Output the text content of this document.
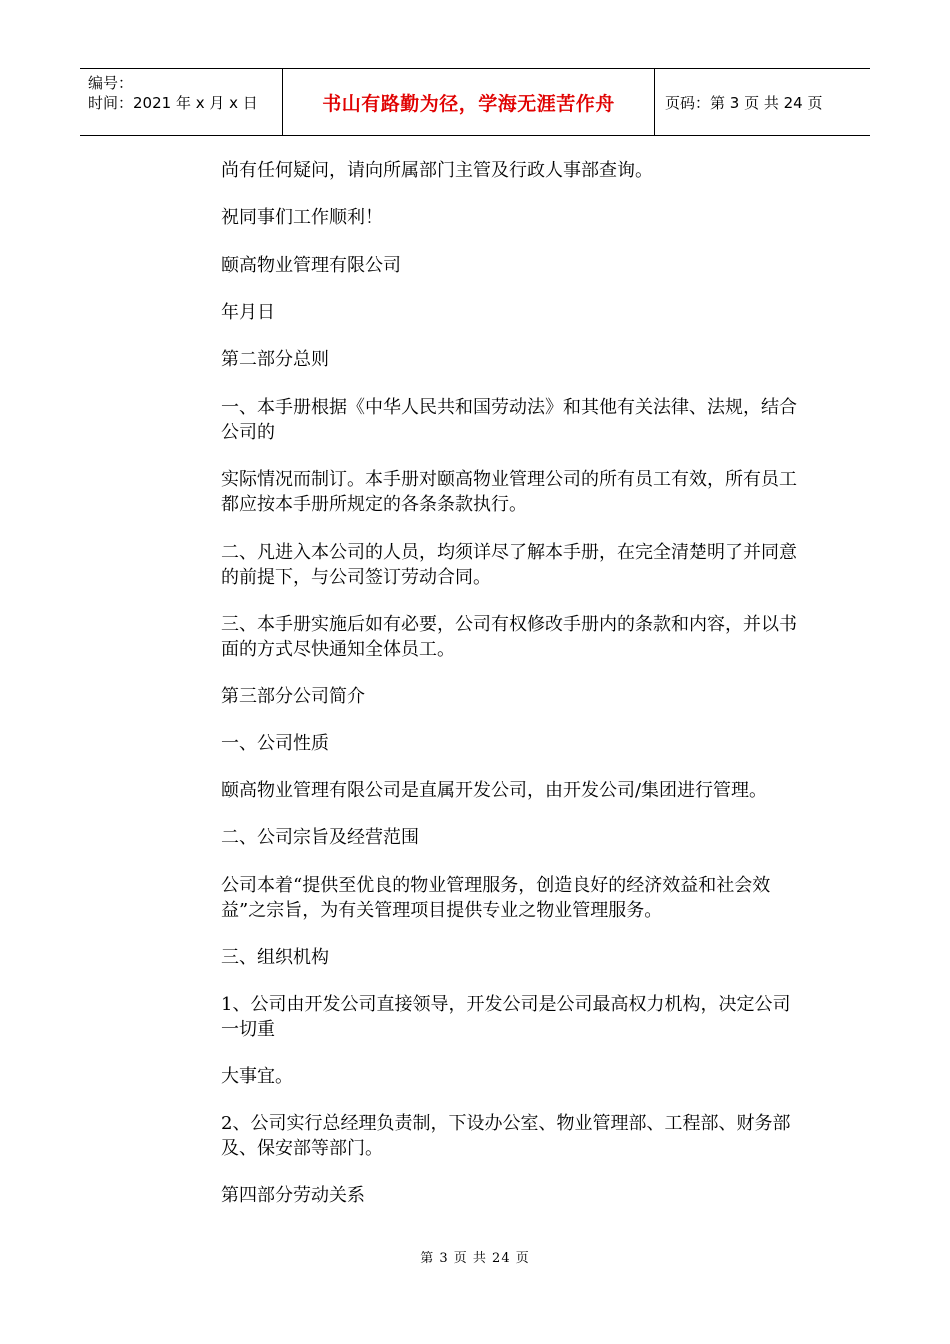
编号：
时间：2021 年 x 月 x 日	书山有路勤为径，学海无涯苦作舟	页码：第 3 页 共 24 页
尚有任何疑问，请向所属部门主管及行政人事部查询。
祝同事们工作顺利！
颐高物业管理有限公司
年月日
第二部分总则
一、本手册根据《中华人民共和国劳动法》和其他有关法律、法规，结合公司的
实际情况而制订。本手册对颐高物业管理公司的所有员工有效，所有员工都应按本手册所规定的各条条款执行。
二、凡进入本公司的人员，均须详尽了解本手册，在完全清楚明了并同意的前提下，与公司签订劳动合同。
三、本手册实施后如有必要，公司有权修改手册内的条款和内容，并以书面的方式尽快通知全体员工。
第三部分公司简介
一、公司性质
颐高物业管理有限公司是直属开发公司，由开发公司/集团进行管理。
二、公司宗旨及经营范围
公司本着“提供至优良的物业管理服务，创造良好的经济效益和社会效益”之宗旨，为有关管理项目提供专业之物业管理服务。
三、组织机构
1、公司由开发公司直接领导，开发公司是公司最高权力机构，决定公司一切重
大事宜。
2、公司实行总经理负责制，下设办公室、物业管理部、工程部、财务部及、保安部等部门。
第四部分劳动关系
第 3 页 共 24 页
